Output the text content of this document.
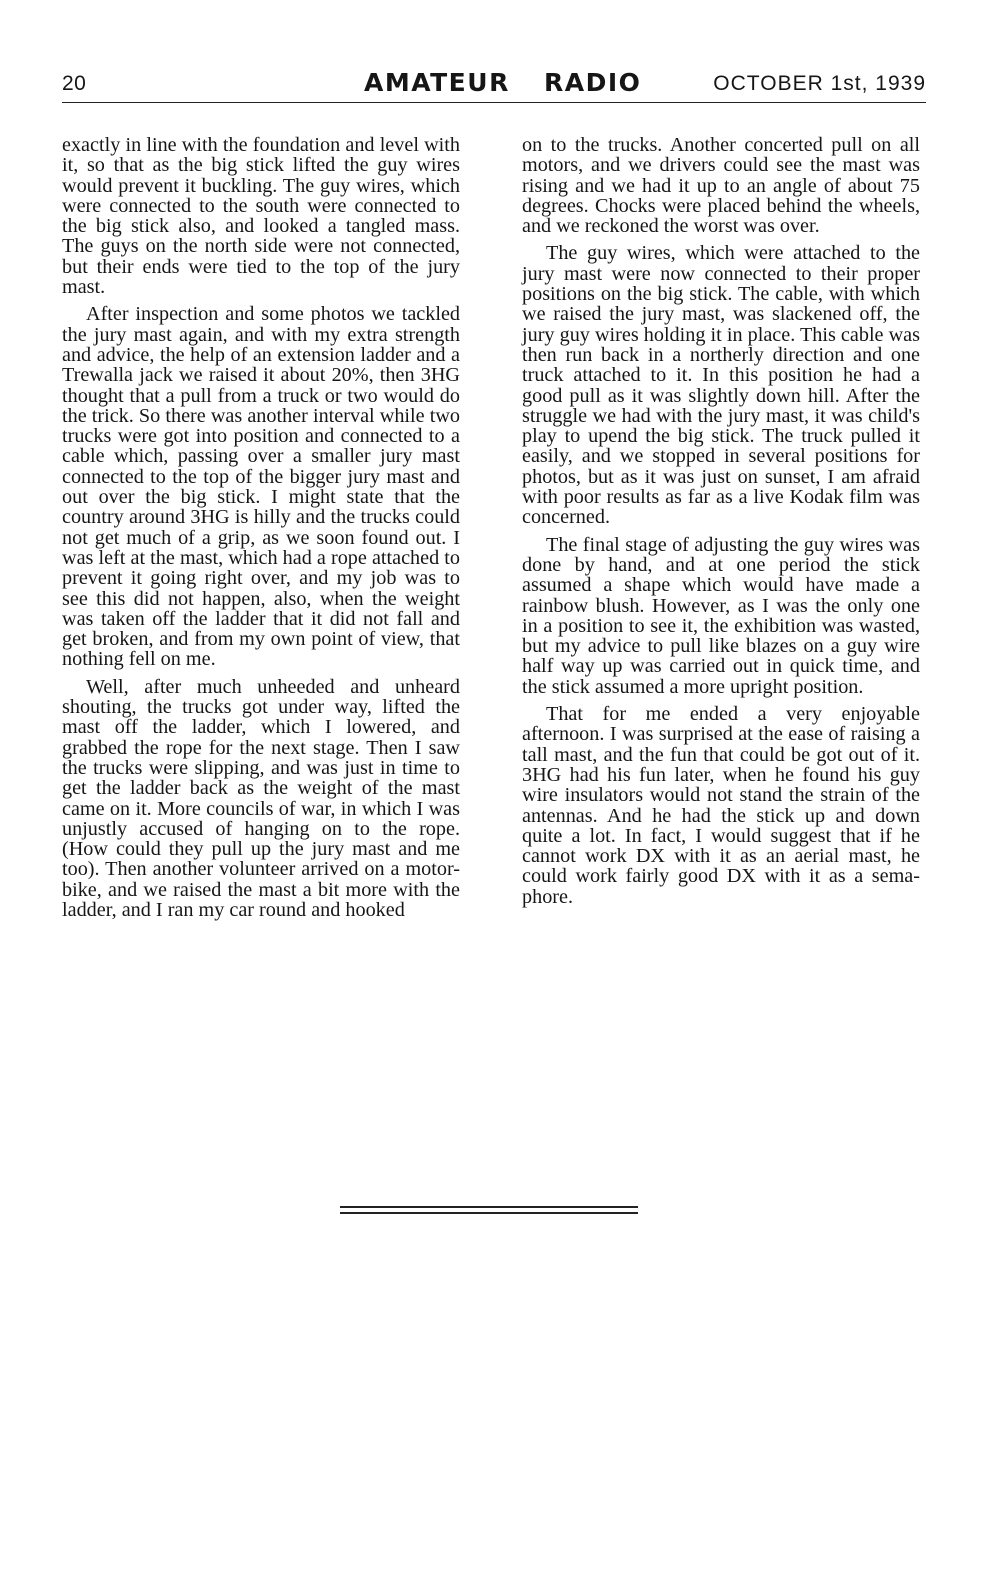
20	AMATEUR RADIO	OCTOBER 1st, 1939

exactly in line with the foundation and level with it, so that as the big stick lifted the guy wires would prevent it buckling. The guy wires, which were connected to the south were connected to the big stick also, and looked a tangled mass. The guys on the north side were not connected, but their ends were tied to the top of the jury mast.

After inspection and some photos we tackled the jury mast again, and with my extra strength and advice, the help of an extension ladder and a Trewalla jack we raised it about 20%, then 3HG thought that a pull from a truck or two would do the trick. So there was another interval while two trucks were got into position and connected to a cable which, passing over a smaller jury mast connected to the top of the bigger jury mast and out over the big stick. I might state that the country around 3HG is hilly and the trucks could not get much of a grip, as we soon found out. I was left at the mast, which had a rope attached to prevent it going right over, and my job was to see this did not happen, also, when the weight was taken off the ladder that it did not fall and get broken, and from my own point of view, that nothing fell on me.

Well, after much unheeded and unheard shouting, the trucks got under way, lifted the mast off the ladder, which I lowered, and grabbed the rope for the next stage. Then I saw the trucks were slipping, and was just in time to get the ladder back as the weight of the mast came on it. More councils of war, in which I was unjustly accused of hanging on to the rope. (How could they pull up the jury mast and me too). Then another volunteer arrived on a motor-bike, and we raised the mast a bit more with the ladder, and I ran my car round and hooked

on to the trucks. Another concerted pull on all motors, and we drivers could see the mast was rising and we had it up to an angle of about 75 degrees. Chocks were placed behind the wheels, and we reckoned the worst was over.

The guy wires, which were attached to the jury mast were now connected to their proper positions on the big stick. The cable, with which we raised the jury mast, was slackened off, the jury guy wires holding it in place. This cable was then run back in a northerly direction and one truck attached to it. In this position he had a good pull as it was slightly down hill. After the struggle we had with the jury mast, it was child's play to upend the big stick. The truck pulled it easily, and we stopped in several positions for photos, but as it was just on sunset, I am afraid with poor results as far as a live Kodak film was concerned.

The final stage of adjusting the guy wires was done by hand, and at one period the stick assumed a shape which would have made a rainbow blush. However, as I was the only one in a position to see it, the exhibition was wasted, but my advice to pull like blazes on a guy wire half way up was carried out in quick time, and the stick assumed a more upright position.

That for me ended a very enjoyable afternoon. I was surprised at the ease of raising a tall mast, and the fun that could be got out of it. 3HG had his fun later, when he found his guy wire insulators would not stand the strain of the antennas. And he had the stick up and down quite a lot. In fact, I would suggest that if he cannot work DX with it as an aerial mast, he could work fairly good DX with it as a semaphore.
